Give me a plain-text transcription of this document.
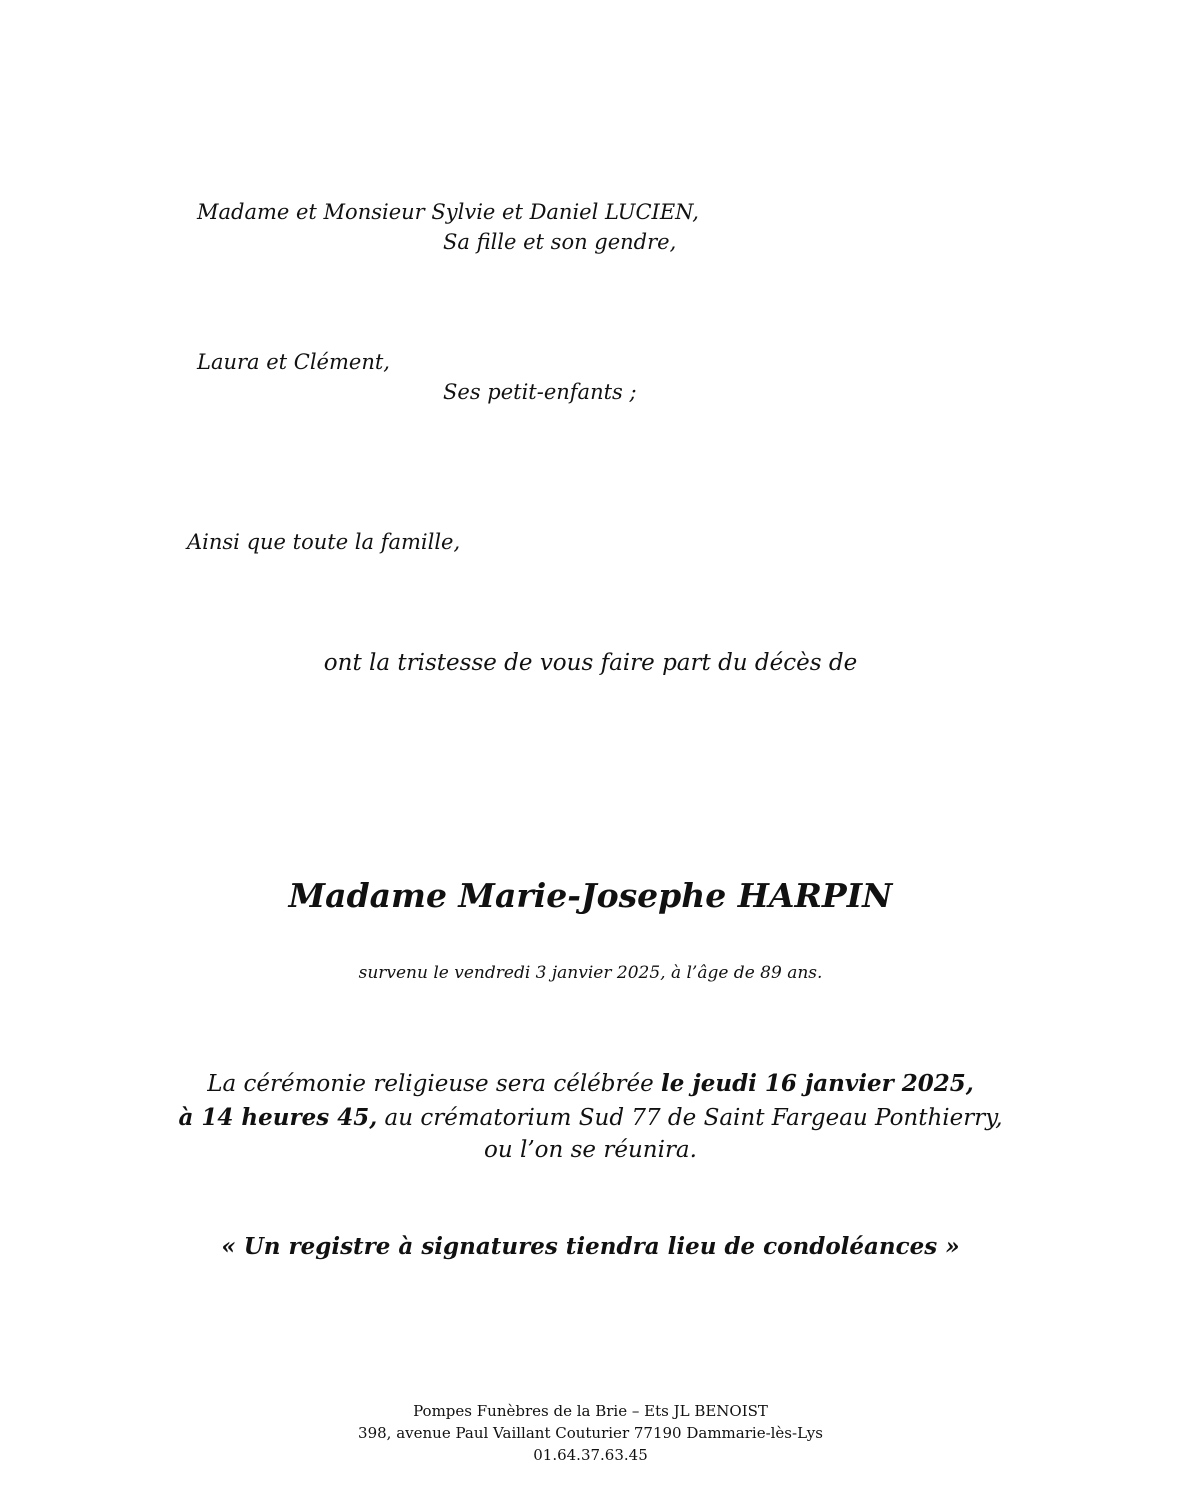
Madame et Monsieur Sylvie et Daniel LUCIEN,
Sa fille et son gendre,
Laura et Clément,
Ses petit-enfants ;
Ainsi que toute la famille,
ont la tristesse de vous faire part du décès de
Madame Marie-Josephe HARPIN
survenu le vendredi 3 janvier 2025, à l’âge de 89 ans.
La cérémonie religieuse sera célébrée le jeudi 16 janvier 2025,
à 14 heures 45, au crématorium Sud 77 de Saint Fargeau Ponthierry,
ou l’on se réunira.
« Un registre à signatures tiendra lieu de condoléances »
Pompes Funèbres de la Brie – Ets JL BENOIST
398, avenue Paul Vaillant Couturier 77190 Dammarie-lès-Lys
01.64.37.63.45
